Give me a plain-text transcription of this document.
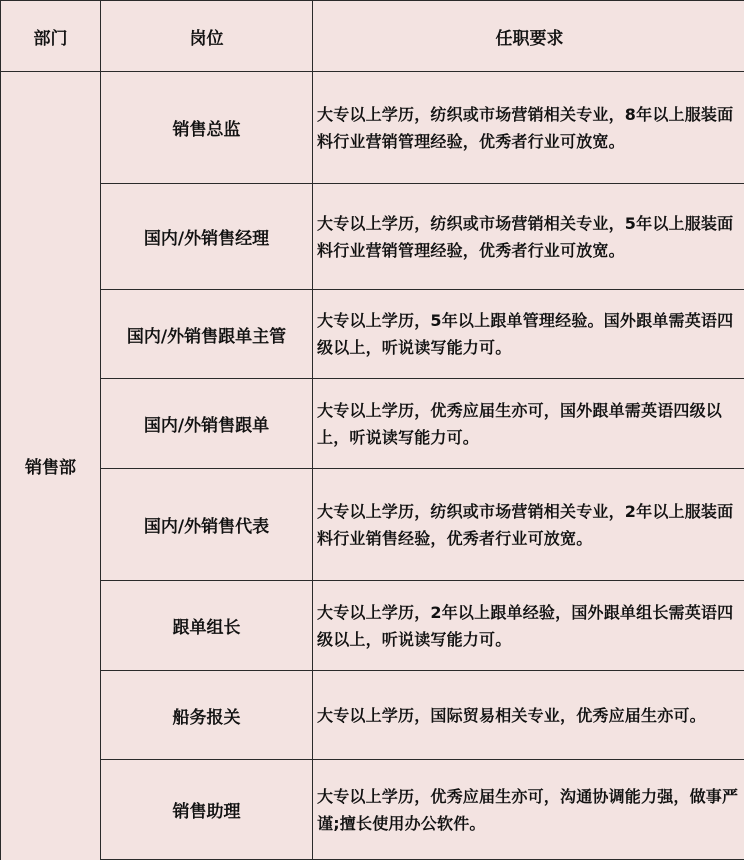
部门	岗位	任职要求
销售部	销售总监	大专以上学历，纺织或市场营销相关专业，8年以上服装面料行业营销管理经验，优秀者行业可放宽。
	国内/外销售经理	大专以上学历，纺织或市场营销相关专业，5年以上服装面料行业营销管理经验，优秀者行业可放宽。
	国内/外销售跟单主管	大专以上学历，5年以上跟单管理经验。国外跟单需英语四级以上，听说读写能力可。
	国内/外销售跟单	大专以上学历，优秀应届生亦可，国外跟单需英语四级以上，听说读写能力可。
	国内/外销售代表	大专以上学历，纺织或市场营销相关专业，2年以上服装面料行业销售经验，优秀者行业可放宽。
	跟单组长	大专以上学历，2年以上跟单经验，国外跟单组长需英语四级以上，听说读写能力可。
	船务报关	大专以上学历，国际贸易相关专业，优秀应届生亦可。
	销售助理	大专以上学历，优秀应届生亦可，沟通协调能力强，做事严谨;擅长使用办公软件。
